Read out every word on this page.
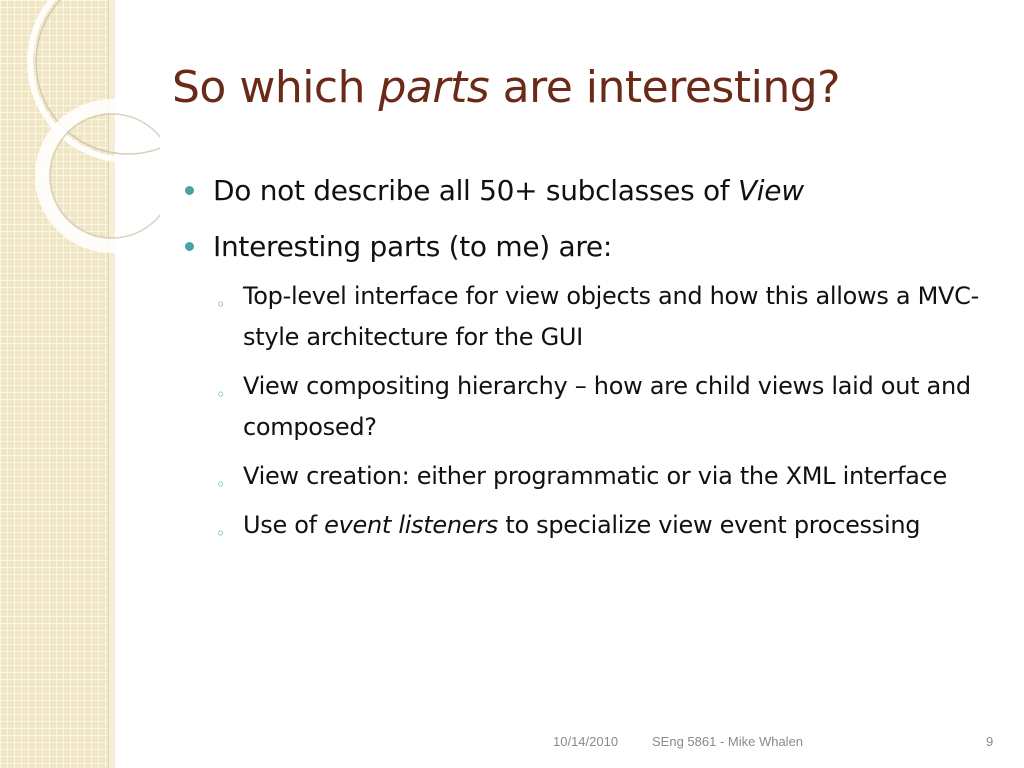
So which parts are interesting?
Do not describe all 50+ subclasses of View
Interesting parts (to me) are:
◦ Top-level interface for view objects and how this allows a MVC-style architecture for the GUI
◦ View compositing hierarchy – how are child views laid out and composed?
◦ View creation: either programmatic or via the XML interface
◦ Use of event listeners to specialize view event processing
10/14/2010	SEng 5861 - Mike Whalen	9
